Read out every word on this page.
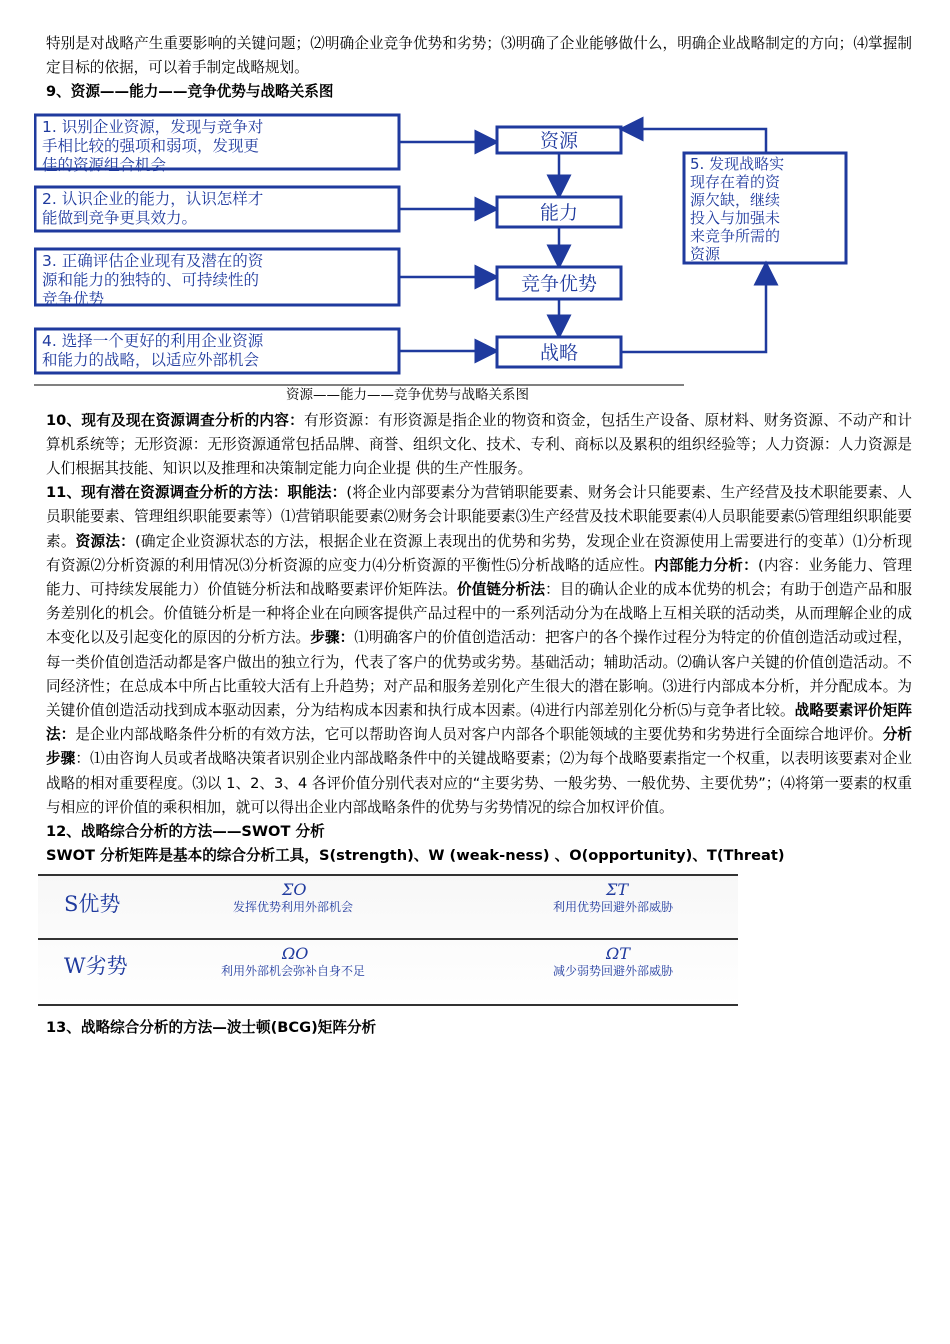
特别是对战略产生重要影响的关键问题；⑵明确企业竞争优势和劣势；⑶明确了企业能够做什么，明确企业战略制定的方向；⑷掌握制定目标的依据，可以着手制定战略规划。

9、资源——能力——竞争优势与战略关系图

1. 识别企业资源，发现与竞争对
手相比较的强项和弱项，发现更
佳的资源组合机会
2. 认识企业的能力，认识怎样才
能做到竞争更具效力。
3. 正确评估企业现有及潜在的资
源和能力的独特的、可持续性的
竞争优势
4. 选择一个更好的利用企业资源
和能力的战略，以适应外部机会
资源
能力
竞争优势
战略
5. 发现战略实
现存在着的资
源欠缺，继续
投入与加强未
来竞争所需的
资源
资源——能力——竞争优势与战略关系图

10、现有及现在资源调查分析的内容：有形资源：有形资源是指企业的物资和资金，包括生产设备、原材料、财务资源、不动产和计算机系统等；无形资源：无形资源通常包括品牌、商誉、组织文化、技术、专利、商标以及累积的组织经验等；人力资源：人力资源是人们根据其技能、知识以及推理和决策制定能力向企业提 供的生产性服务。

11、现有潜在资源调查分析的方法：职能法：(将企业内部要素分为营销职能要素、财务会计只能要素、生产经营及技术职能要素、人员职能要素、管理组织职能要素等）⑴营销职能要素⑵财务会计职能要素⑶生产经营及技术职能要素⑷人员职能要素⑸管理组织职能要素。资源法：(确定企业资源状态的方法，根据企业在资源上表现出的优势和劣势，发现企业在资源使用上需要进行的变革）⑴分析现有资源⑵分析资源的利用情况⑶分析资源的应变力⑷分析资源的平衡性⑸分析战略的适应性。内部能力分析：(内容：业务能力、管理能力、可持续发展能力）价值链分析法和战略要素评价矩阵法。价值链分析法：目的确认企业的成本优势的机会；有助于创造产品和服务差别化的机会。价值链分析是一种将企业在向顾客提供产品过程中的一系列活动分为在战略上互相关联的活动类，从而理解企业的成本变化以及引起变化的原因的分析方法。步骤：⑴明确客户的价值创造活动：把客户的各个操作过程分为特定的价值创造活动或过程，每一类价值创造活动都是客户做出的独立行为，代表了客户的优势或劣势。基础活动；辅助活动。⑵确认客户关键的价值创造活动。不同经济性；在总成本中所占比重较大活有上升趋势；对产品和服务差别化产生很大的潜在影响。⑶进行内部成本分析，并分配成本。为关键价值创造活动找到成本驱动因素，分为结构成本因素和执行成本因素。⑷进行内部差别化分析⑸与竞争者比较。战略要素评价矩阵法：是企业内部战略条件分析的有效方法，它可以帮助咨询人员对客户内部各个职能领域的主要优势和劣势进行全面综合地评价。分析步骤：⑴由咨询人员或者战略决策者识别企业内部战略条件中的关键战略要素；⑵为每个战略要素指定一个权重，以表明该要素对企业战略的相对重要程度。⑶以 1、2、3、4 各评价值分别代表对应的“主要劣势、一般劣势、一般优势、主要优势”；⑷将第一要素的权重与相应的评价值的乘积相加，就可以得出企业内部战略条件的优势与劣势情况的综合加权评价值。

12、战略综合分析的方法——SWOT 分析

SWOT 分析矩阵是基本的综合分析工具，S(strength)、W (weak-ness) 、O(opportunity)、T(Threat)

S优势
W劣势
ΣO
发挥优势利用外部机会
ΣT
利用优势回避外部威胁
ΩO
利用外部机会弥补自身不足
ΩT
减少弱势回避外部威胁

13、战略综合分析的方法—波士顿(BCG)矩阵分析
